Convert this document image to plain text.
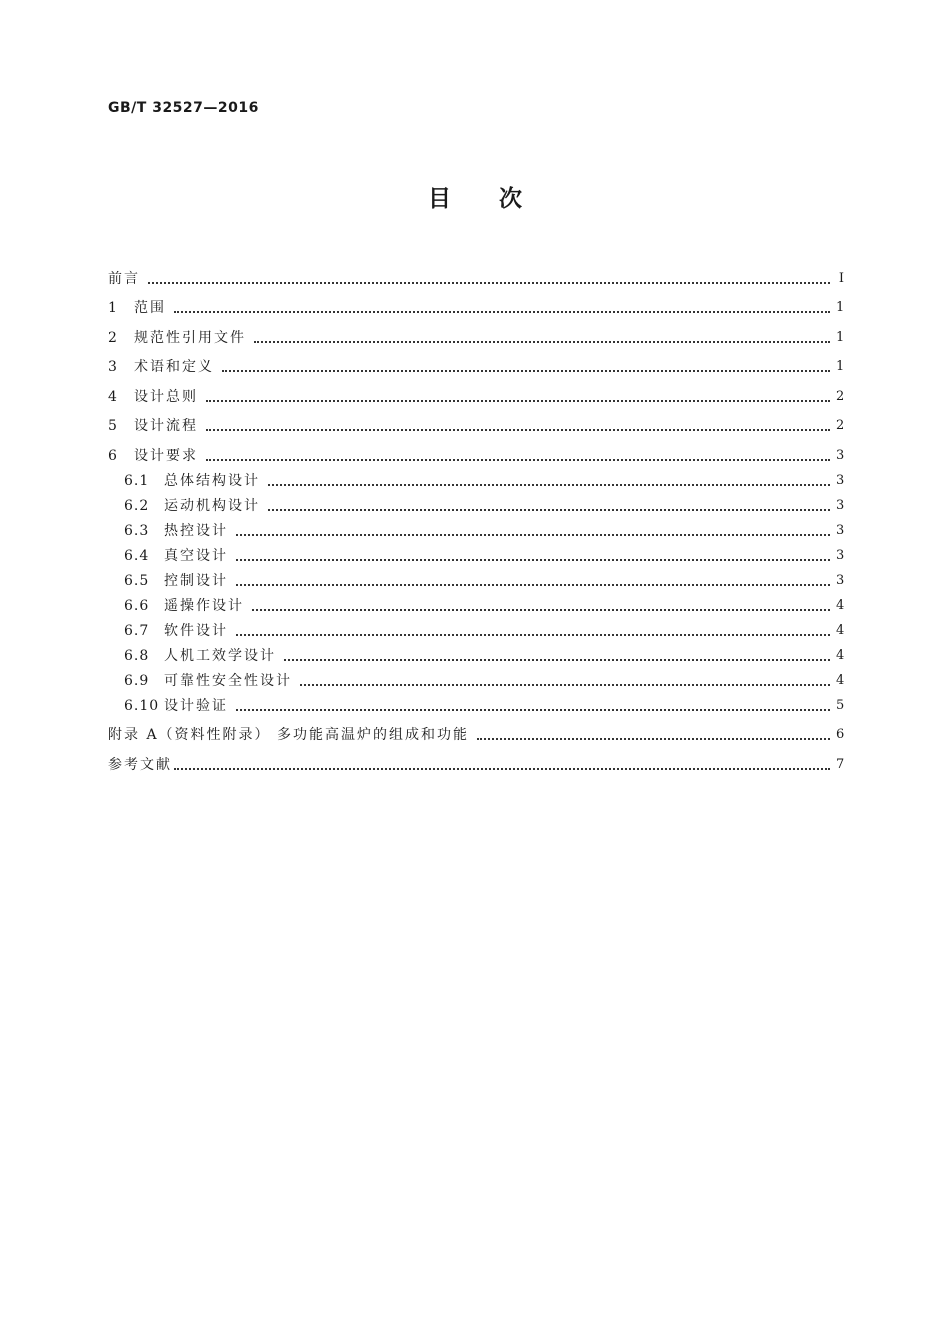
GB/T 32527—2016
目次
前言	Ⅰ
1	范围	1
2	规范性引用文件	1
3	术语和定义	1
4	设计总则	2
5	设计流程	2
6	设计要求	3
6.1	总体结构设计	3
6.2	运动机构设计	3
6.3	热控设计	3
6.4	真空设计	3
6.5	控制设计	3
6.6	遥操作设计	4
6.7	软件设计	4
6.8	人机工效学设计	4
6.9	可靠性安全性设计	4
6.10 设计验证	5
附录 A（资料性附录） 多功能高温炉的组成和功能	6
参考文献	7
